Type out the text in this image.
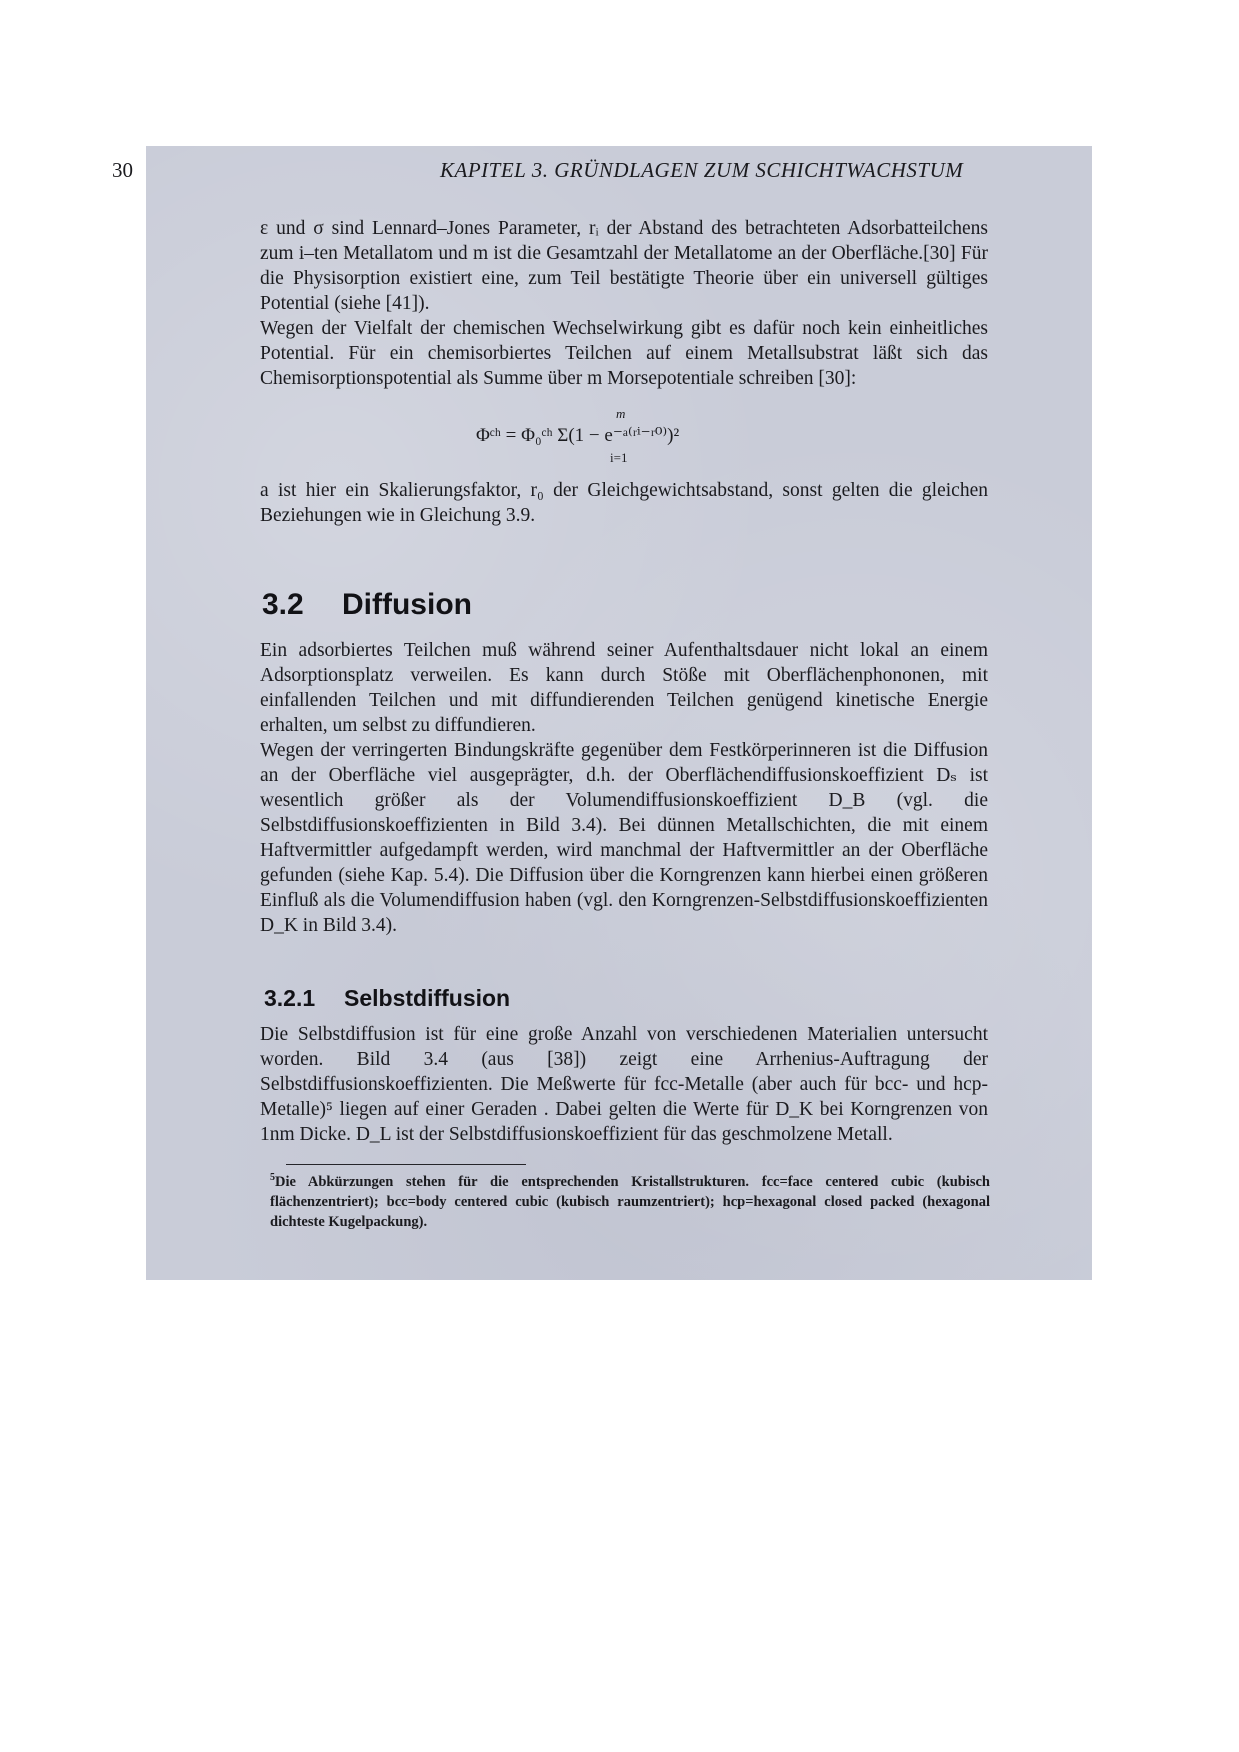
30	KAPITEL 3. GRÜNDLAGEN ZUM SCHICHTWACHSTUM

ε und σ sind Lennard–Jones Parameter, rᵢ der Abstand des betrachteten Adsorbatteilchens zum i–ten Metallatom und m ist die Gesamtzahl der Metallatome an der Oberfläche.[30] Für die Physisorption existiert eine, zum Teil bestätigte Theorie über ein universell gültiges Potential (siehe [41]).

Wegen der Vielfalt der chemischen Wechselwirkung gibt es dafür noch kein einheitliches Potential. Für ein chemisorbiertes Teilchen auf einem Metallsubstrat läßt sich das Chemisorptionspotential als Summe über m Morsepotentiale schreiben [30]:

m
Φᶜʰ = Φ₀ᶜʰ Σ(1 − e⁻ᵃ⁽ʳⁱ⁻ʳ⁰⁾)²
i=1

a ist hier ein Skalierungsfaktor, r₀ der Gleichgewichtsabstand, sonst gelten die gleichen Beziehungen wie in Gleichung 3.9.

3.2 Diffusion

Ein adsorbiertes Teilchen muß während seiner Aufenthaltsdauer nicht lokal an einem Adsorptionsplatz verweilen. Es kann durch Stöße mit Oberflächenphononen, mit einfallenden Teilchen und mit diffundierenden Teilchen genügend kinetische Energie erhalten, um selbst zu diffundieren.

Wegen der verringerten Bindungskräfte gegenüber dem Festkörperinneren ist die Diffusion an der Oberfläche viel ausgeprägter, d.h. der Oberflächendiffusionskoeffizient Dₛ ist wesentlich größer als der Volumendiffusionskoeffizient D_B (vgl. die Selbstdiffusionskoeffizienten in Bild 3.4). Bei dünnen Metallschichten, die mit einem Haftvermittler aufgedampft werden, wird manchmal der Haftvermittler an der Oberfläche gefunden (siehe Kap. 5.4). Die Diffusion über die Korngrenzen kann hierbei einen größeren Einfluß als die Volumendiffusion haben (vgl. den Korngrenzen-Selbstdiffusionskoeffizienten D_K in Bild 3.4).

3.2.1 Selbstdiffusion

Die Selbstdiffusion ist für eine große Anzahl von verschiedenen Materialien untersucht worden. Bild 3.4 (aus [38]) zeigt eine Arrhenius-Auftragung der Selbstdiffusionskoeffizienten. Die Meßwerte für fcc-Metalle (aber auch für bcc- und hcp-Metalle)⁵ liegen auf einer Geraden . Dabei gelten die Werte für D_K bei Korngrenzen von 1nm Dicke. D_L ist der Selbstdiffusionskoeffizient für das geschmolzene Metall.

$^5$Die Abkürzungen stehen für die entsprechenden Kristallstrukturen. fcc=face centered cubic (kubisch flächenzentriert); bcc=body centered cubic (kubisch raumzentriert); hcp=hexagonal closed packed (hexagonal dichteste Kugelpackung).
